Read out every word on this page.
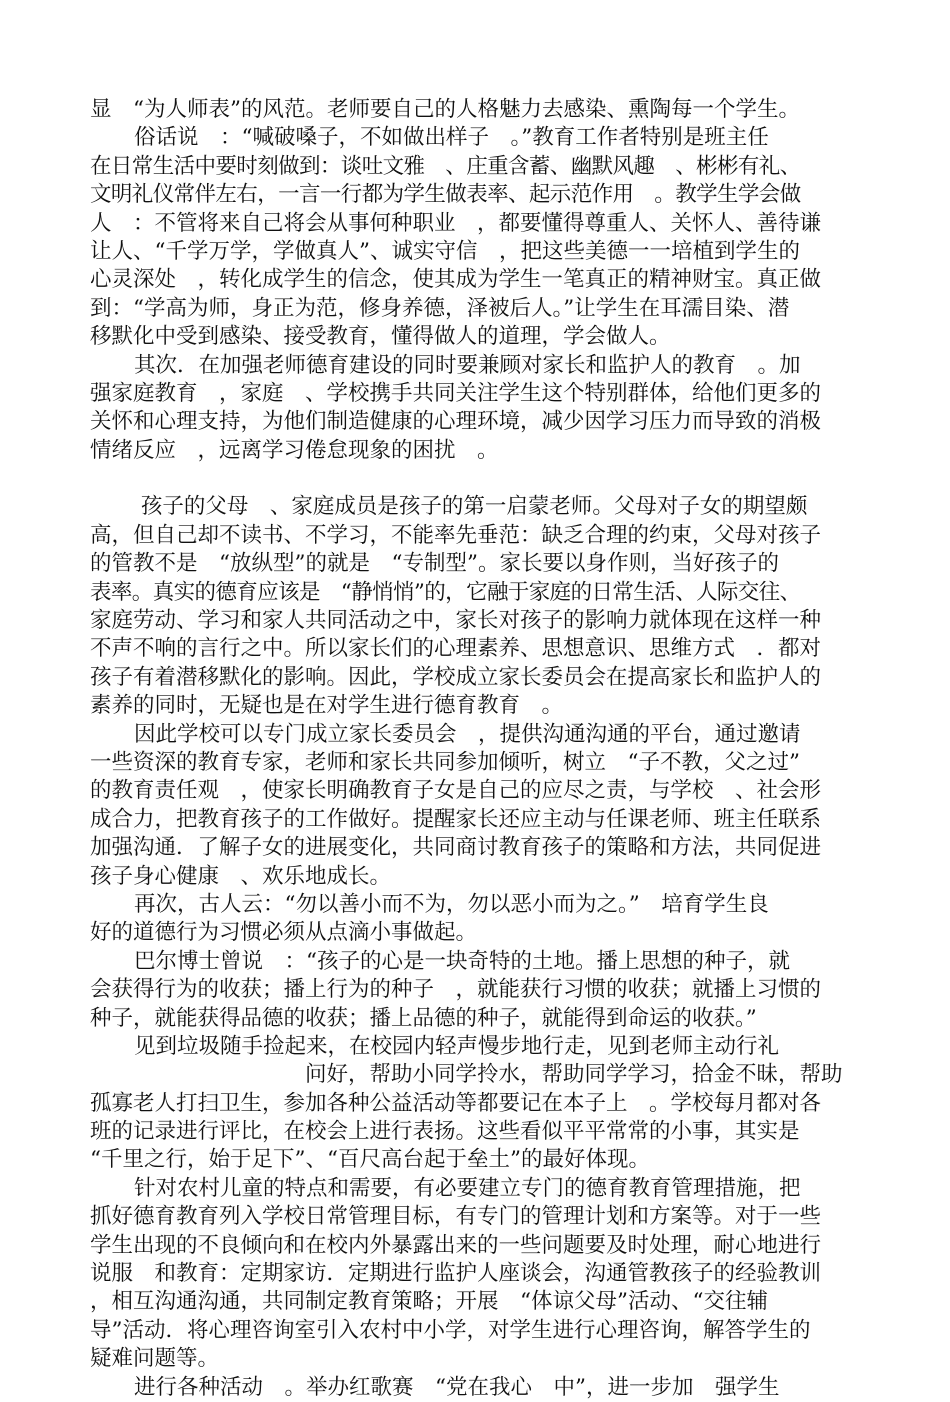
显　“为人师表”的风范。老师要自己的人格魅力去感染、熏陶每一个学生。
俗话说　：“喊破嗓子，不如做出样子　。”教育工作者特别是班主任
在日常生活中要时刻做到：谈吐文雅　、庄重含蓄、幽默风趣　、彬彬有礼、
文明礼仪常伴左右，一言一行都为学生做表率、起示范作用　。教学生学会做
人　：不管将来自己将会从事何种职业　，都要懂得尊重人、关怀人、善待谦
让人、“千学万学，学做真人”、诚实守信　，把这些美德一一培植到学生的
心灵深处　，转化成学生的信念，使其成为学生一笔真正的精神财宝。真正做
到：“学高为师，身正为范，修身养德，泽被后人。”让学生在耳濡目染、潜
移默化中受到感染、接受教育，懂得做人的道理，学会做人。
其次．在加强老师德育建设的同时要兼顾对家长和监护人的教育　。加
强家庭教育　，家庭　、学校携手共同关注学生这个特别群体，给他们更多的
关怀和心理支持，为他们制造健康的心理环境，减少因学习压力而导致的消极
情绪反应　，远离学习倦怠现象的困扰　。
孩子的父母　、家庭成员是孩子的第一启蒙老师。父母对子女的期望颇
高，但自己却不读书、不学习，不能率先垂范：缺乏合理的约束，父母对孩子
的管教不是　“放纵型”的就是　“专制型”。家长要以身作则，当好孩子的
表率。真实的德育应该是　“静悄悄”的，它融于家庭的日常生活、人际交往、
家庭劳动、学习和家人共同活动之中，家长对孩子的影响力就体现在这样一种
不声不响的言行之中。所以家长们的心理素养、思想意识、思维方式　．都对
孩子有着潜移默化的影响。因此，学校成立家长委员会在提高家长和监护人的
素养的同时，无疑也是在对学生进行德育教育　。
因此学校可以专门成立家长委员会　，提供沟通沟通的平台，通过邀请
一些资深的教育专家，老师和家长共同参加倾听，树立　“子不教，父之过”
的教育责任观　，使家长明确教育子女是自己的应尽之责，与学校　、社会形
成合力，把教育孩子的工作做好。提醒家长还应主动与任课老师、班主任联系
加强沟通．了解子女的进展变化，共同商讨教育孩子的策略和方法，共同促进
孩子身心健康　、欢乐地成长。
再次，古人云：“勿以善小而不为，勿以恶小而为之。”　培育学生良
好的道德行为习惯必须从点滴小事做起。
巴尔博士曾说　：“孩子的心是一块奇特的土地。播上思想的种子，就
会获得行为的收获；播上行为的种子　，就能获行习惯的收获；就播上习惯的
种子，就能获得品德的收获；播上品德的种子，就能得到命运的收获。”
见到垃圾随手捡起来，在校园内轻声慢步地行走，见到老师主动行礼
　　　　　　　　　　问好，帮助小同学拎水，帮助同学学习，拾金不昧，帮助
孤寡老人打扫卫生，参加各种公益活动等都要记在本子上　。学校每月都对各
班的记录进行评比，在校会上进行表扬。这些看似平平常常的小事，其实是
“千里之行，始于足下”、“百尺高台起于垒土”的最好体现。
针对农村儿童的特点和需要，有必要建立专门的德育教育管理措施，把
抓好德育教育列入学校日常管理目标，有专门的管理计划和方案等。对于一些
学生出现的不良倾向和在校内外暴露出来的一些问题要及时处理，耐心地进行
说服　和教育：定期家访．定期进行监护人座谈会，沟通管教孩子的经验教训
，相互沟通沟通，共同制定教育策略；开展　“体谅父母”活动、“交往辅
导”活动．将心理咨询室引入农村中小学，对学生进行心理咨询，解答学生的
疑难问题等。
进行各种活动　。举办红歌赛　“党在我心　中”，进一步加　强学生
